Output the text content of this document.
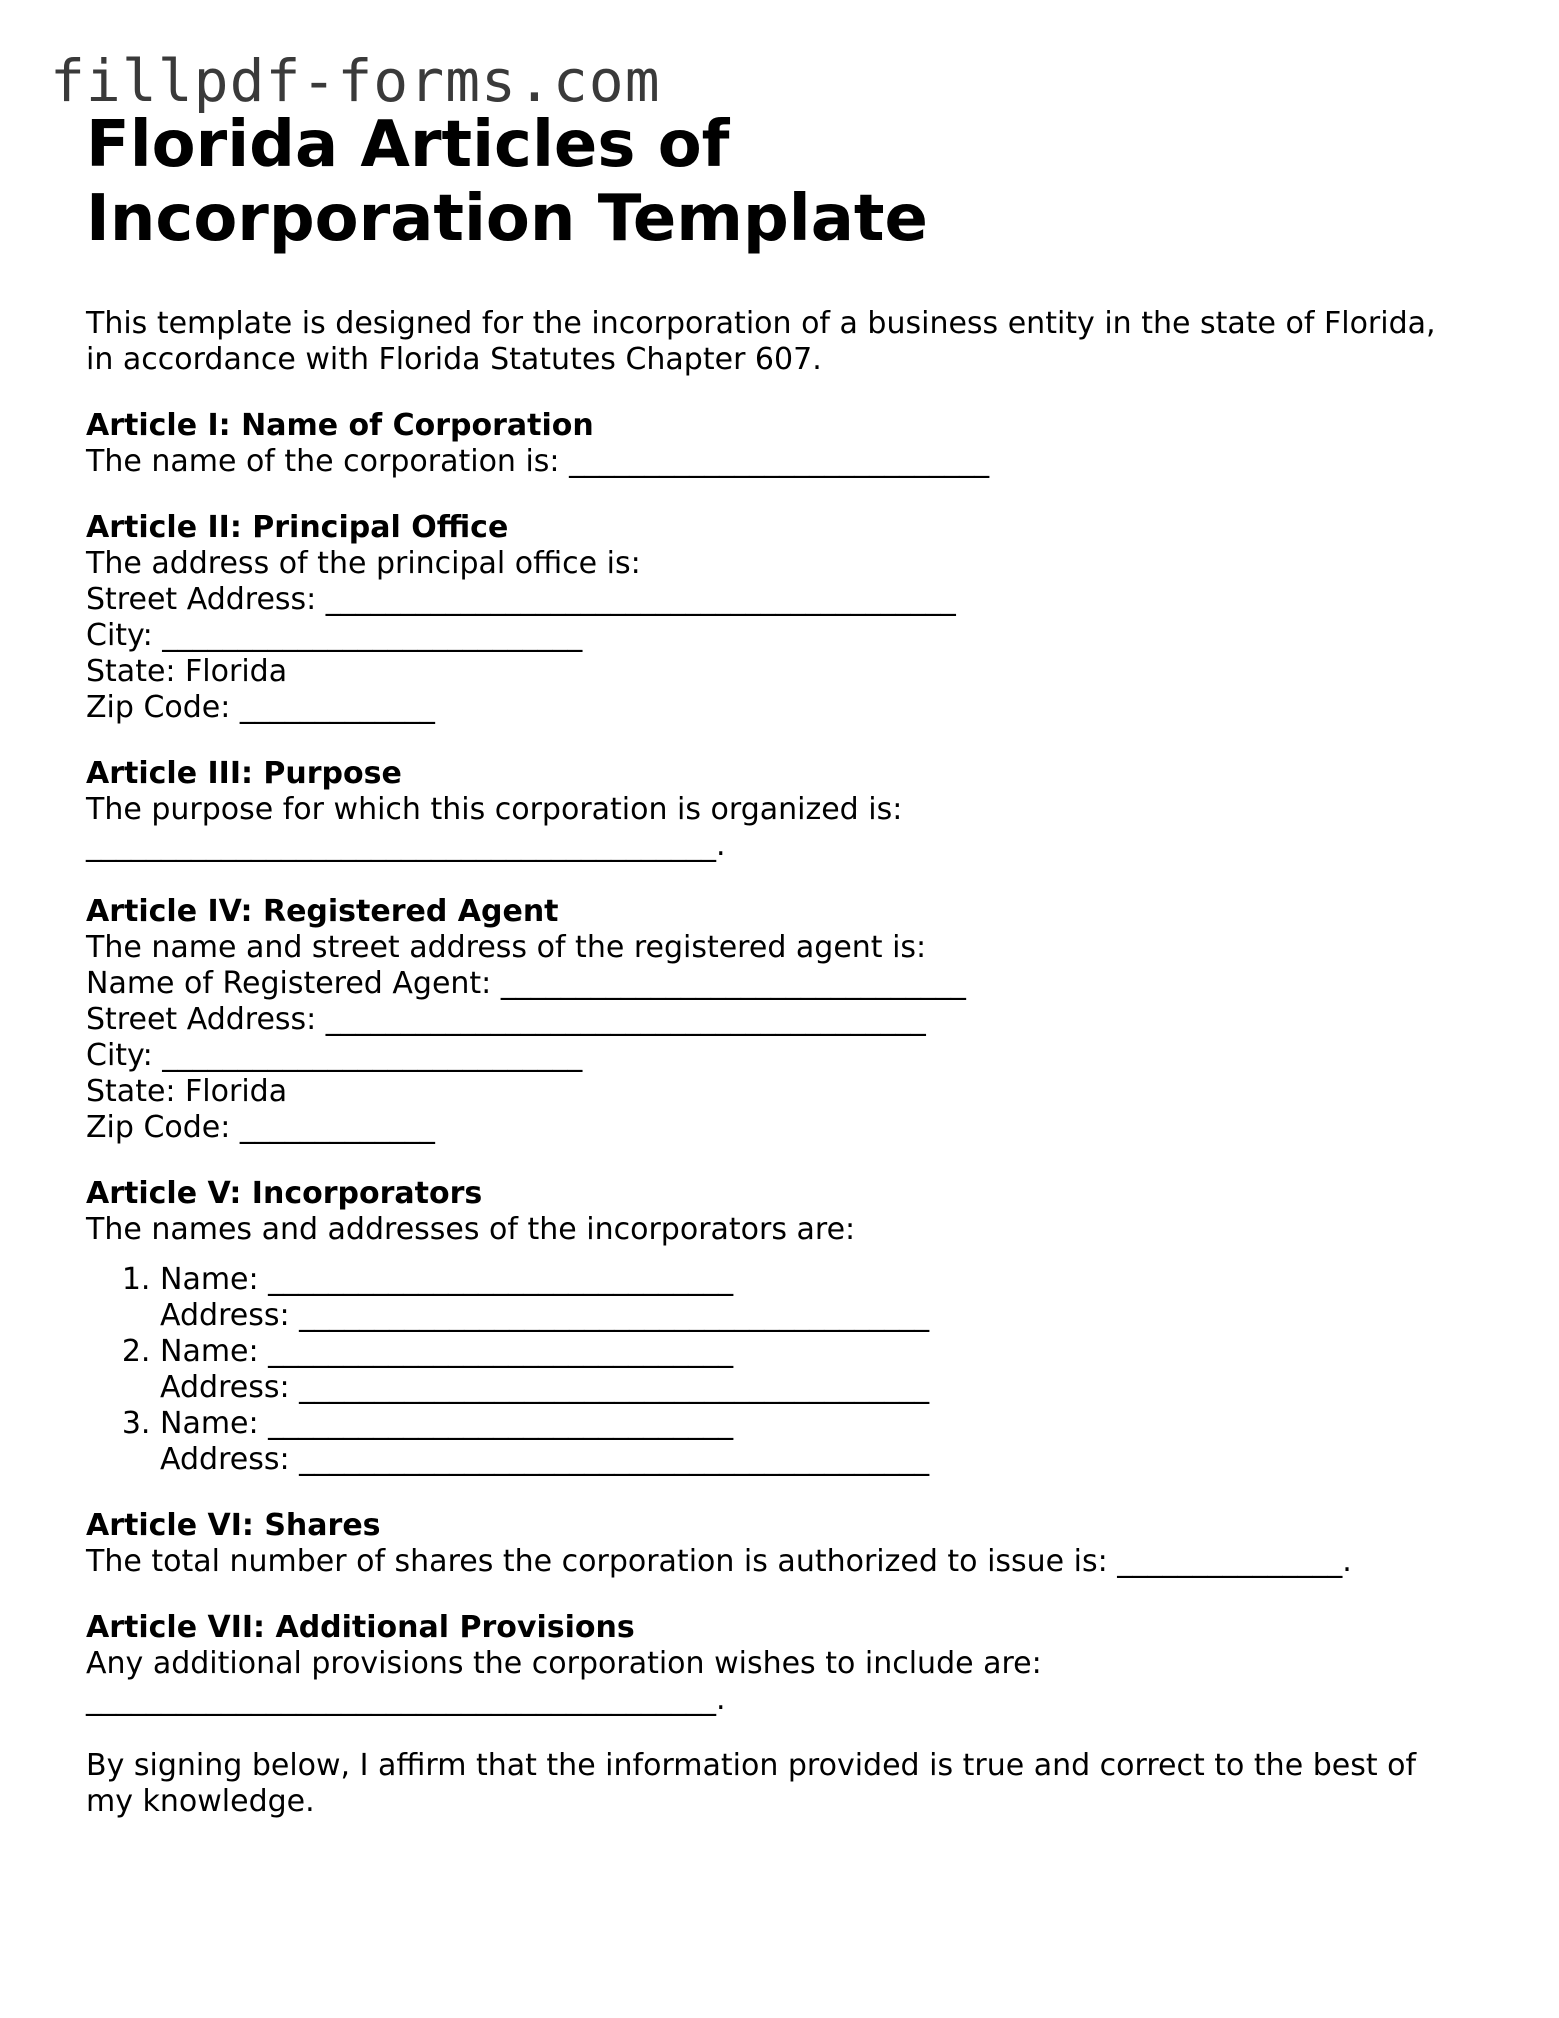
fillpdf-forms.com
Florida Articles of Incorporation Template

This template is designed for the incorporation of a business entity in the state of Florida, in accordance with Florida Statutes Chapter 607.

Article I: Name of Corporation
The name of the corporation is: ____________________________
Article II: Principal Office
The address of the principal office is:
Street Address: __________________________________________
City: ____________________________
State: Florida
Zip Code: _____________
Article III: Purpose
The purpose for which this corporation is organized is:
__________________________________________.
Article IV: Registered Agent
The name and street address of the registered agent is:
Name of Registered Agent: _______________________________
Street Address: ________________________________________
City: ____________________________
State: Florida
Zip Code: _____________
Article V: Incorporators
The names and addresses of the incorporators are:
1. Name: _______________________________
Address: __________________________________________
2. Name: _______________________________
Address: __________________________________________
3. Name: _______________________________
Address: __________________________________________
Article VI: Shares
The total number of shares the corporation is authorized to issue is: _______________.
Article VII: Additional Provisions
Any additional provisions the corporation wishes to include are:
__________________________________________.

By signing below, I affirm that the information provided is true and correct to the best of my knowledge.
